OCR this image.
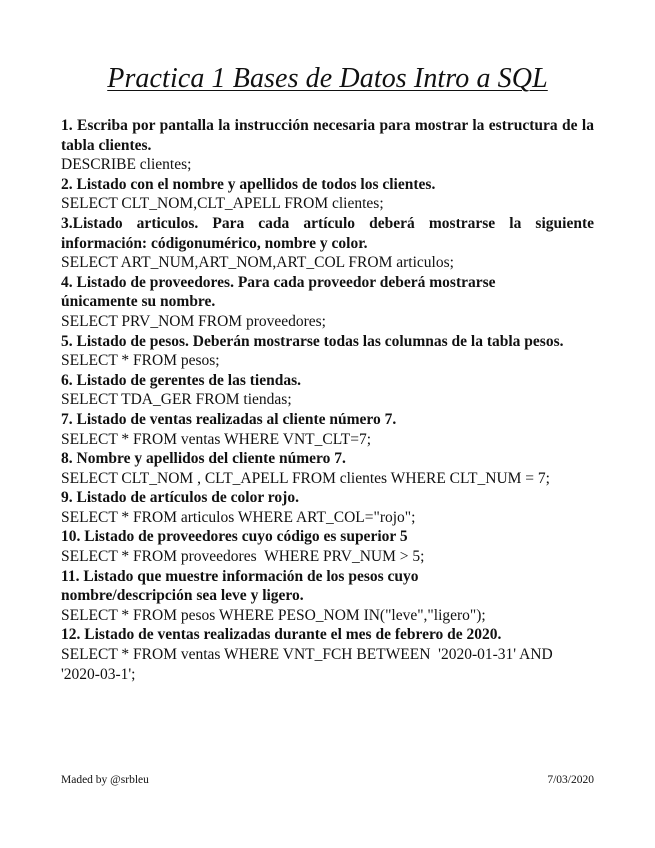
Practica 1 Bases de Datos Intro a SQL

1. Escriba por pantalla la instrucción necesaria para mostrar la estructura de la tabla clientes.

DESCRIBE clientes;

2. Listado con el nombre y apellidos de todos los clientes.

SELECT CLT_NOM,CLT_APELL FROM clientes;

3.Listado articulos. Para cada artículo deberá mostrarse la siguiente información: códigonumérico, nombre y color.

SELECT ART_NUM,ART_NOM,ART_COL FROM articulos;

4. Listado de proveedores. Para cada proveedor deberá mostrarse únicamente su nombre.

SELECT PRV_NOM FROM proveedores;

5. Listado de pesos. Deberán mostrarse todas las columnas de la tabla pesos.

SELECT * FROM pesos;

6. Listado de gerentes de las tiendas.

SELECT TDA_GER FROM tiendas;

7. Listado de ventas realizadas al cliente número 7.

SELECT * FROM ventas WHERE VNT_CLT=7;

8. Nombre y apellidos del cliente número 7.

SELECT CLT_NOM , CLT_APELL FROM clientes WHERE CLT_NUM = 7;

9. Listado de artículos de color rojo.

SELECT * FROM articulos WHERE ART_COL="rojo";

10. Listado de proveedores cuyo código es superior 5

SELECT * FROM proveedores  WHERE PRV_NUM > 5;

11. Listado que muestre información de los pesos cuyo nombre/descripción sea leve y ligero.

SELECT * FROM pesos WHERE PESO_NOM IN("leve","ligero");

12. Listado de ventas realizadas durante el mes de febrero de 2020.

SELECT * FROM ventas WHERE VNT_FCH BETWEEN  '2020-01-31' AND '2020-03-1';

Maded by @srbleu	7/03/2020
